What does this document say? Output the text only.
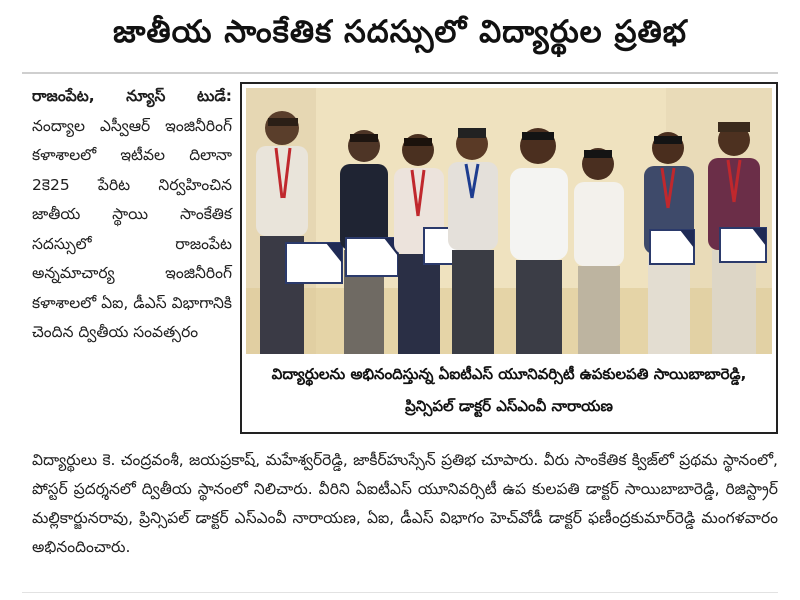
జాతీయ సాంకేతిక సదస్సులో విద్యార్థుల ప్రతిభ

రాజంపేట, న్యూస్ టుడే: నంద్యాల ఎస్వీఆర్ ఇంజినీరింగ్ కళాశాలలో ఇటీవల దిలానా 2కె25 పేరిట నిర్వహించిన జాతీయ స్థాయి సాంకేతిక సదస్సులో రాజంపేట అన్నమాచార్య ఇంజినీరింగ్ కళాశాలలో ఏఐ, డీఎస్ విభాగానికి చెందిన ద్వితీయ సంవత్సరం

విద్యార్థులను అభినందిస్తున్న ఏఐటీఎస్ యూనివర్సిటీ ఉపకులపతి సాయిబాబారెడ్డి, ప్రిన్సిపల్ డాక్టర్ ఎస్ఎంవీ నారాయణ
విద్యార్థులు కె. చంద్రవంశీ, జయప్రకాష్, మహేశ్వర్‌రెడ్డి, జాకీర్‌హుస్సేన్ ప్రతిభ చూపారు. వీరు సాంకేతిక క్విజ్‌లో ప్రథమ స్థానంలో, పోస్టర్ ప్రదర్శనలో ద్వితీయ స్థానంలో నిలిచారు. వీరిని ఏఐటీఎస్ యూనివర్సిటీ ఉప కులపతి డాక్టర్ సాయిబాబారెడ్డి, రిజిస్ట్రార్ మల్లికార్జునరావు, ప్రిన్సిపల్ డాక్టర్ ఎస్ఎంవీ నారాయణ, ఏఐ, డీఎస్ విభాగం హెచ్‌వోడీ డాక్టర్ ఫణీంద్రకుమార్‌రెడ్డి మంగళవారం అభినందించారు.
